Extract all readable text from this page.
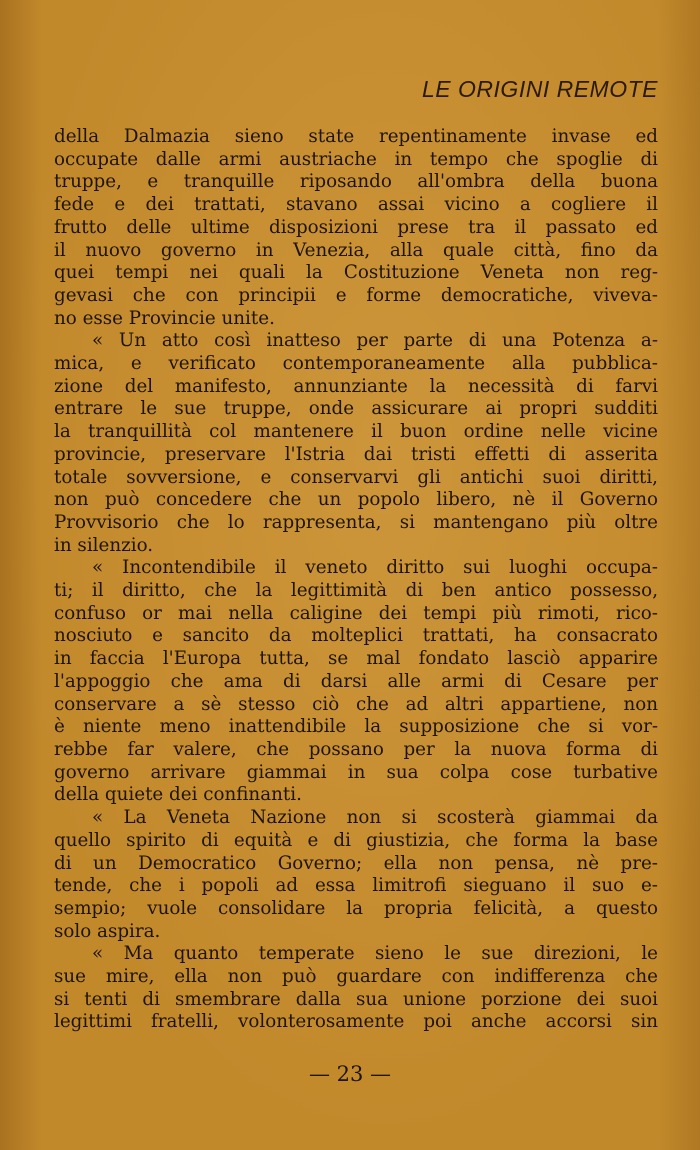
LE ORIGINI REMOTE
della Dalmazia sieno state repentinamente invase ed
occupate dalle armi austriache in tempo che spoglie di
truppe, e tranquille riposando all'ombra della buona
fede e dei trattati, stavano assai vicino a cogliere il
frutto delle ultime disposizioni prese tra il passato ed
il nuovo governo in Venezia, alla quale città, fino da
quei tempi nei quali la Costituzione Veneta non reg-
gevasi che con principii e forme democratiche, viveva-
no esse Provincie unite.
« Un atto così inatteso per parte di una Potenza a-
mica, e verificato contemporaneamente alla pubblica-
zione del manifesto, annunziante la necessità di farvi
entrare le sue truppe, onde assicurare ai propri sudditi
la tranquillità col mantenere il buon ordine nelle vicine
provincie, preservare l'Istria dai tristi effetti di asserita
totale sovversione, e conservarvi gli antichi suoi diritti,
non può concedere che un popolo libero, nè il Governo
Provvisorio che lo rappresenta, si mantengano più oltre
in silenzio.
« Incontendibile il veneto diritto sui luoghi occupa-
ti; il diritto, che la legittimità di ben antico possesso,
confuso or mai nella caligine dei tempi più rimoti, rico-
nosciuto e sancito da molteplici trattati, ha consacrato
in faccia l'Europa tutta, se mal fondato lasciò apparire
l'appoggio che ama di darsi alle armi di Cesare per
conservare a sè stesso ciò che ad altri appartiene, non
è niente meno inattendibile la supposizione che si vor-
rebbe far valere, che possano per la nuova forma di
governo arrivare giammai in sua colpa cose turbative
della quiete dei confinanti.
« La Veneta Nazione non si scosterà giammai da
quello spirito di equità e di giustizia, che forma la base
di un Democratico Governo; ella non pensa, nè pre-
tende, che i popoli ad essa limitrofi sieguano il suo e-
sempio; vuole consolidare la propria felicità, a questo
solo aspira.
« Ma quanto temperate sieno le sue direzioni, le
sue mire, ella non può guardare con indifferenza che
si tenti di smembrare dalla sua unione porzione dei suoi
legittimi fratelli, volonterosamente poi anche accorsi sin
— 23 —
